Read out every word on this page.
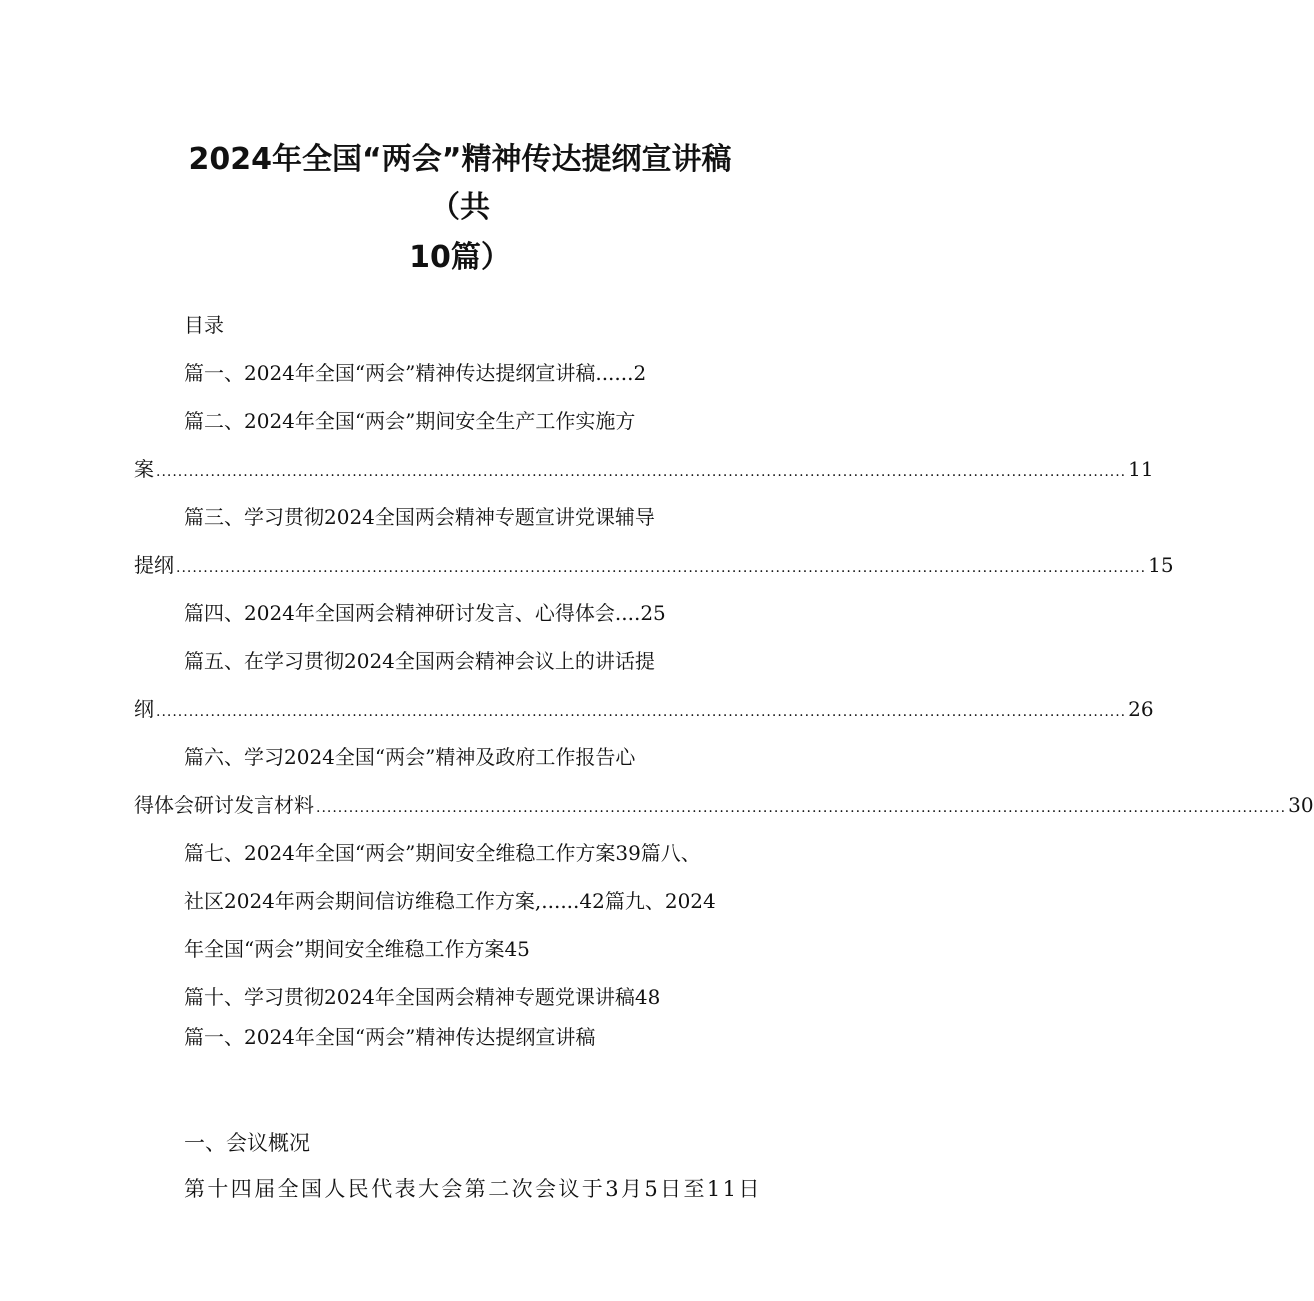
2024年全国“两会”精神传达提纲宣讲稿
（共
10篇）
目录
篇一、2024年全国“两会”精神传达提纲宣讲稿......2
篇二、2024年全国“两会”期间安全生产工作实施方
案 .................................................................................................................................................................................. 11
篇三、学习贯彻2024全国两会精神专题宣讲党课辅导
提纲 .................................................................................................................................................................................. 15
篇四、2024年全国两会精神研讨发言、心得体会....25
篇五、在学习贯彻2024全国两会精神会议上的讲话提
纲 .................................................................................................................................................................................. 26
篇六、学习2024全国“两会”精神及政府工作报告心
得体会研讨发言材料 .................................................................................................................................................................................. 30
篇七、2024年全国“两会”期间安全维稳工作方案39篇八、
社区2024年两会期间信访维稳工作方案,......42篇九、2024
年全国“两会”期间安全维稳工作方案45
篇十、学习贯彻2024年全国两会精神专题党课讲稿48
篇一、2024年全国“两会”精神传达提纲宣讲稿
一、会议概况
第十四届全国人民代表大会第二次会议于3月5日至11日
